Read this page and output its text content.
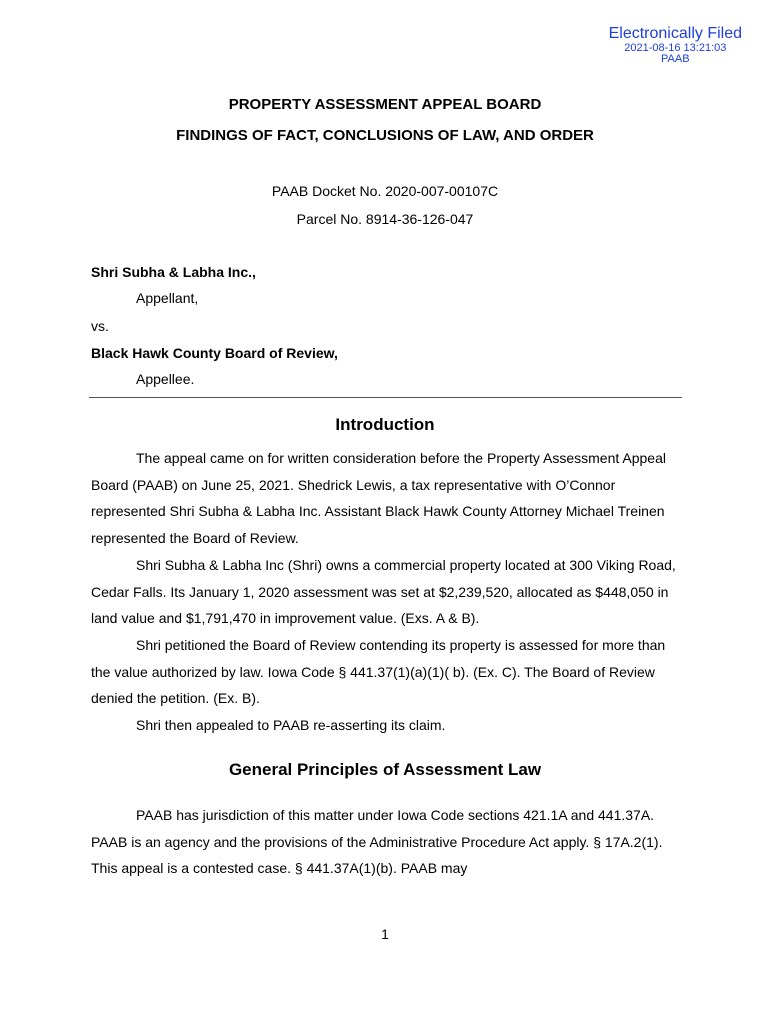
Electronically Filed
2021-08-16 13:21:03
PAAB
PROPERTY ASSESSMENT APPEAL BOARD
FINDINGS OF FACT, CONCLUSIONS OF LAW, AND ORDER
PAAB Docket No. 2020-007-00107C
Parcel No. 8914-36-126-047
Shri Subha & Labha Inc.,
Appellant,
vs.
Black Hawk County Board of Review,
Appellee.
Introduction

The appeal came on for written consideration before the Property Assessment Appeal Board (PAAB) on June 25, 2021. Shedrick Lewis, a tax representative with O’Connor represented Shri Subha & Labha Inc. Assistant Black Hawk County Attorney Michael Treinen represented the Board of Review.

Shri Subha & Labha Inc (Shri) owns a commercial property located at 300 Viking Road, Cedar Falls. Its January 1, 2020 assessment was set at $2,239,520, allocated as $448,050 in land value and $1,791,470 in improvement value. (Exs. A & B).

Shri petitioned the Board of Review contending its property is assessed for more than the value authorized by law. Iowa Code § 441.37(1)(a)(1)( b). (Ex. C). The Board of Review denied the petition. (Ex. B).

Shri then appealed to PAAB re-asserting its claim.

General Principles of Assessment Law

PAAB has jurisdiction of this matter under Iowa Code sections 421.1A and 441.37A. PAAB is an agency and the provisions of the Administrative Procedure Act apply. § 17A.2(1). This appeal is a contested case. § 441.37A(1)(b). PAAB may

1
